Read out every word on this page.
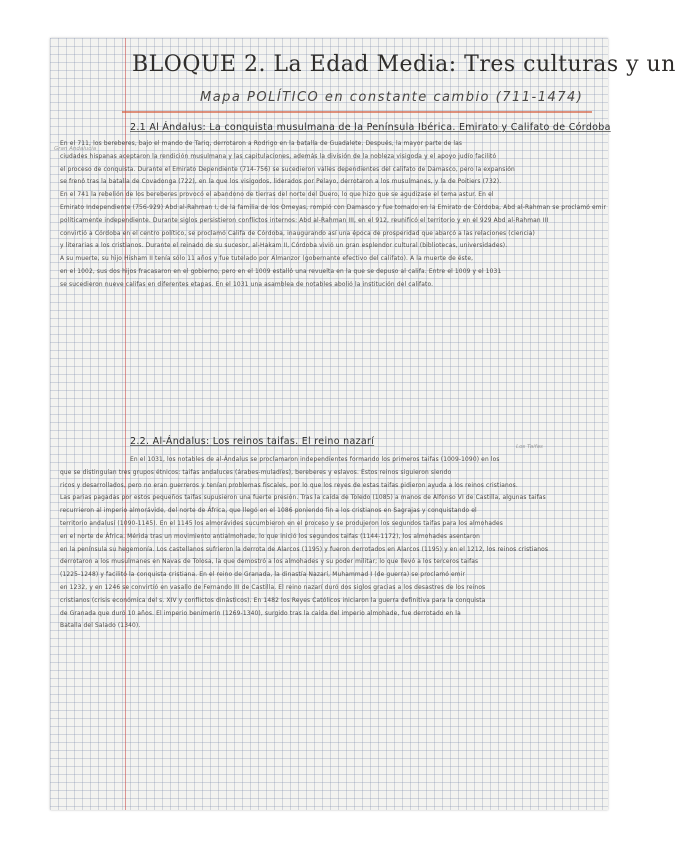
BLOQUE 2. La Edad Media: Tres culturas y un
Mapa POLÍTICO en constante cambio (711-1474)
Gran Andalucía
Los Taifas
2.1 Al Ándalus: La conquista musulmana de la Península Ibérica. Emirato y Califato de Córdoba
En el 711, los bereberes, bajo el mando de Tariq, derrotaron a Rodrigo en la batalla de Guadalete. Después, la mayor parte de las
ciudades hispanas aceptaron la rendición musulmana y las capitulaciones, además la división de la nobleza visigoda y el apoyo judío facilitó
el proceso de conquista. Durante el Emirato Dependiente (714-756) se sucedieron valíes dependientes del califato de Damasco, pero la expansión
se frenó tras la batalla de Covadonga (722), en la que los visigodos, liderados por Pelayo, derrotaron a los musulmanes, y la de Poitiers (732).
En el 741 la rebelión de los bereberes provocó el abandono de tierras del norte del Duero, lo que hizo que se agudizase el tema astur. En el
Emirato Independiente (756-929) Abd al-Rahman I, de la familia de los Omeyas, rompió con Damasco y fue tomado en la Emirato de Córdoba, Abd al-Rahman se proclamó emir
políticamente independiente. Durante siglos persistieron conflictos internos: Abd al-Rahman III, en el 912, reunificó el territorio y en el 929 Abd al-Rahman III
convirtió a Córdoba en el centro político, se proclamó Califa de Córdoba, inaugurando así una época de prosperidad que abarcó a las relaciones (ciencia)
y literarias a los cristianos. Durante el reinado de su sucesor, al-Hakam II, Córdoba vivió un gran esplendor cultural (bibliotecas, universidades).
A su muerte, su hijo Hisham II tenía sólo 11 años y fue tutelado por Almanzor (gobernante efectivo del califato). A la muerte de éste,
en el 1002, sus dos hijos fracasaron en el gobierno, pero en el 1009 estalló una revuelta en la que se depuso al califa. Entre el 1009 y el 1031
se sucedieron nueve califas en diferentes etapas. En el 1031 una asamblea de notables abolió la institución del califato.
2.2. Al-Ándalus: Los reinos taifas. El reino nazarí
En el 1031, los notables de al-Ándalus se proclamaron independientes formando los primeros taifas (1009-1090) en los
que se distinguían tres grupos étnicos: taifas andaluces (árabes-muladíes), bereberes y eslavos. Estos reinos siguieron siendo
ricos y desarrollados, pero no eran guerreros y tenían problemas fiscales, por lo que los reyes de estas taifas pidieron ayuda a los reinos cristianos.
Las parias pagadas por estos pequeños taifas supusieron una fuerte presión. Tras la caída de Toledo (1085) a manos de Alfonso VI de Castilla, algunas taifas
recurrieron al imperio almorávide, del norte de África, que llegó en el 1086 poniendo fin a los cristianos en Sagrajas y conquistando el
territorio andalusí (1090-1145). En el 1145 los almorávides sucumbieron en el proceso y se produjeron los segundos taifas para los almohades
en el norte de África. Mérida tras un movimiento antialmohade, lo que inició los segundos taifas (1144-1172), los almohades asentaron
en la península su hegemonía. Los castellanos sufrieron la derrota de Alarcos (1195) y fueron derrotados en Alarcos (1195) y en el 1212, los reinos cristianos
derrotaron a los musulmanes en Navas de Tolosa, la que demostró a los almohades y su poder militar; lo que llevó a los terceros taifas
(1225-1248) y facilitó la conquista cristiana. En el reino de Granada, la dinastía Nazarí, Muhammad I (de guerra) se proclamó emir
en 1232, y en 1246 se convirtió en vasallo de Fernando III de Castilla. El reino nazarí duró dos siglos gracias a los desastres de los reinos
cristianos (crisis económica del s. XIV y conflictos dinásticos). En 1482 los Reyes Católicos iniciaron la guerra definitiva para la conquista
de Granada que duró 10 años. El imperio benimerín (1269-1340), surgido tras la caída del imperio almohade, fue derrotado en la
Batalla del Salado (1340).
